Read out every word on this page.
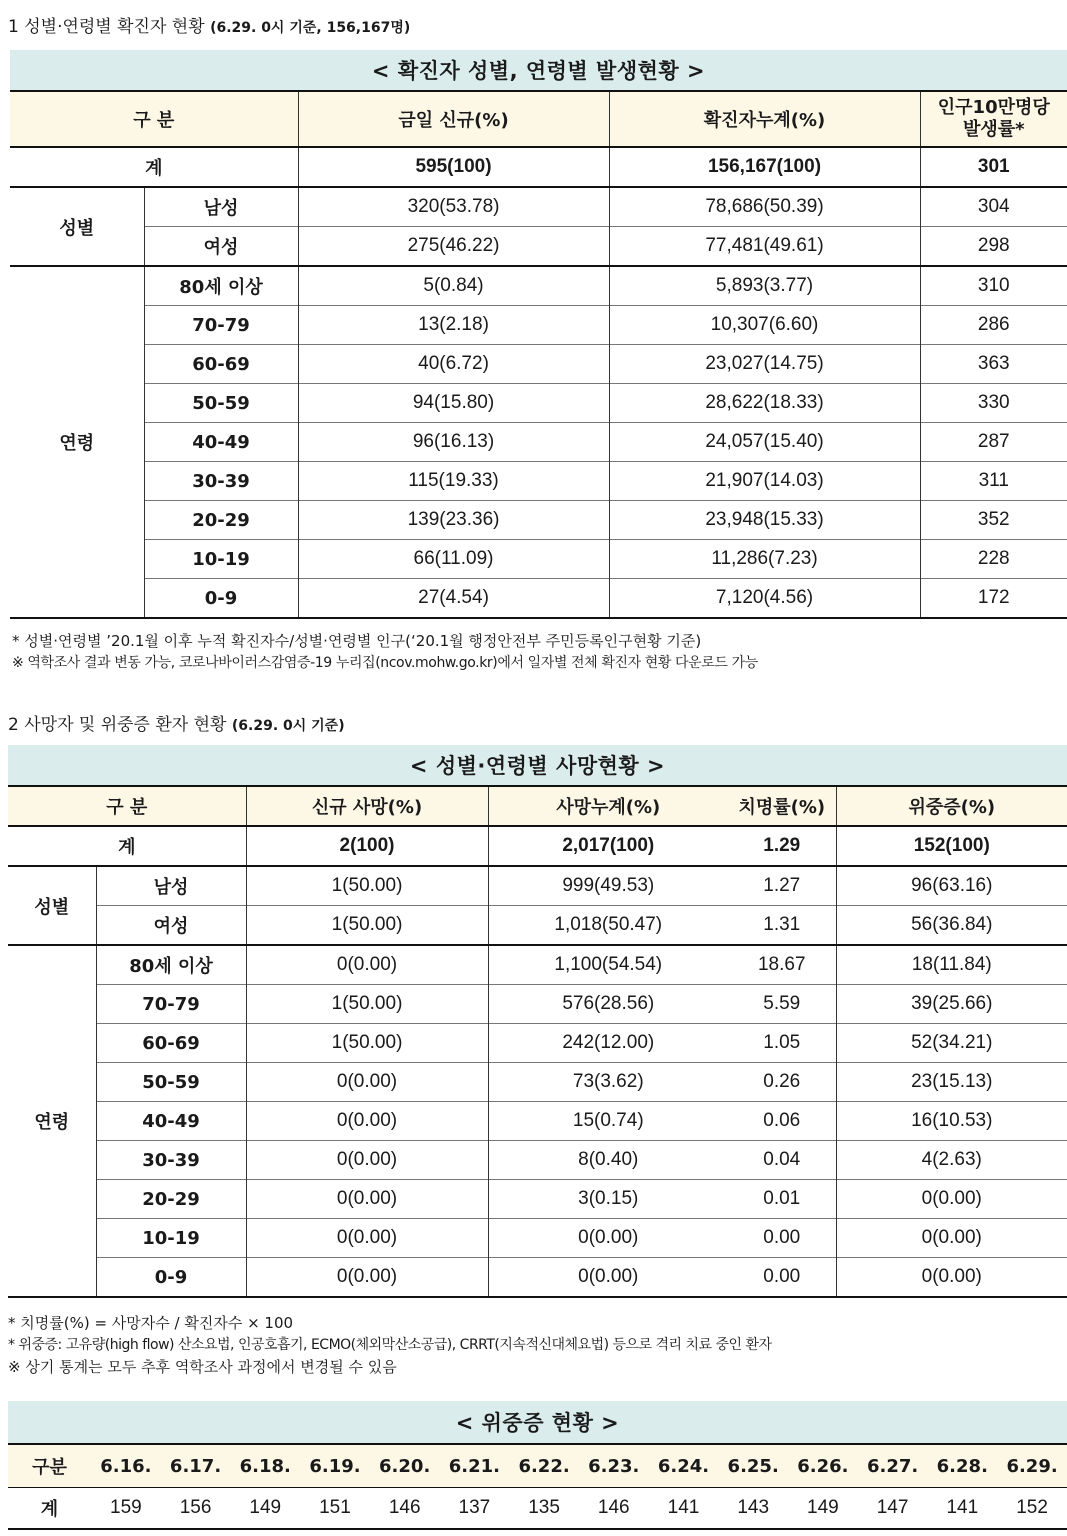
1 성별·연령별 확진자 현황 (6.29. 0시 기준, 156,167명)
< 확진자 성별, 연령별 발생현황 >
구 분		금일 신규(%)	확진자누계(%)	인구10만명당
발생률*

계		595(100)	156,167(100)	301
성별	남성	320(53.78)	78,686(50.39)	304
	여성	275(46.22)	77,481(49.61)	298
연령	80세 이상	5(0.84)	5,893(3.77)	310
	70-79	13(2.18)	10,307(6.60)	286
	60-69	40(6.72)	23,027(14.75)	363
	50-59	94(15.80)	28,622(18.33)	330
	40-49	96(16.13)	24,057(15.40)	287
	30-39	115(19.33)	21,907(14.03)	311
	20-29	139(23.36)	23,948(15.33)	352
	10-19	66(11.09)	11,286(7.23)	228
	0-9	27(4.54)	7,120(4.56)	172
* 성별·연령별 ’20.1월 이후 누적 확진자수/성별·연령별 인구(‘20.1월 행정안전부 주민등록인구현황 기준)
※ 역학조사 결과 변동 가능, 코로나바이러스감염증-19 누리집(ncov.mohw.go.kr)에서 일자별 전체 확진자 현황 다운로드 가능
2 사망자 및 위중증 환자 현황 (6.29. 0시 기준)
< 성별·연령별 사망현황 >
구 분		신규 사망(%)	사망누계(%)	치명률(%)	위중증(%)
계		2(100)	2,017(100)	1.29	152(100)
성별	남성	1(50.00)	999(49.53)	1.27	96(63.16)
	여성	1(50.00)	1,018(50.47)	1.31	56(36.84)
연령	80세 이상	0(0.00)	1,100(54.54)	18.67	18(11.84)
	70-79	1(50.00)	576(28.56)	5.59	39(25.66)
	60-69	1(50.00)	242(12.00)	1.05	52(34.21)
	50-59	0(0.00)	73(3.62)	0.26	23(15.13)
	40-49	0(0.00)	15(0.74)	0.06	16(10.53)
	30-39	0(0.00)	8(0.40)	0.04	4(2.63)
	20-29	0(0.00)	3(0.15)	0.01	0(0.00)
	10-19	0(0.00)	0(0.00)	0.00	0(0.00)
	0-9	0(0.00)	0(0.00)	0.00	0(0.00)
* 치명률(%) = 사망자수 / 확진자수 × 100
* 위중증: 고유량(high flow) 산소요법, 인공호흡기, ECMO(체외막산소공급), CRRT(지속적신대체요법) 등으로 격리 치료 중인 환자
※ 상기 통계는 모두 추후 역학조사 과정에서 변경될 수 있음
< 위중증 현황 >
구분	6.16.	6.17.	6.18.	6.19.	6.20.	6.21.	6.22.	6.23.	6.24.	6.25.	6.26.	6.27.	6.28.	6.29.
계	159	156	149	151	146	137	135	146	141	143	149	147	141	152
